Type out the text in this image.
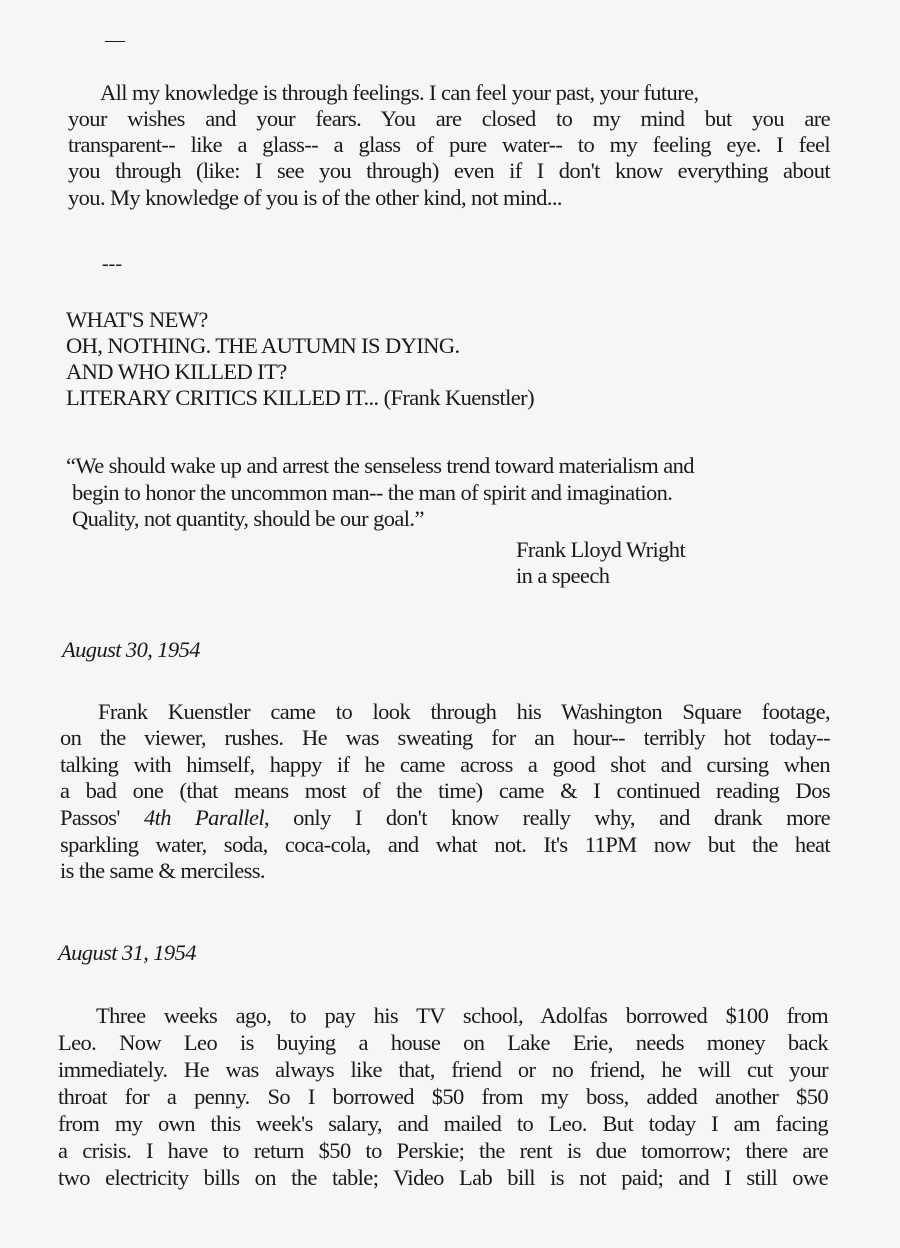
—
All my knowledge is through feelings. I can feel your past, your future,
your wishes and your fears. You are closed to my mind but you are
transparent-- like a glass-- a glass of pure water-- to my feeling eye. I feel
you through (like: I see you through) even if I don't know everything about
you. My knowledge of you is of the other kind, not mind...
---
WHAT'S NEW?
OH, NOTHING. THE AUTUMN IS DYING.
AND WHO KILLED IT?
LITERARY CRITICS KILLED IT... (Frank Kuenstler)
“We should wake up and arrest the senseless trend toward materialism and
begin to honor the uncommon man-- the man of spirit and imagination.
Quality, not quantity, should be our goal.”
Frank Lloyd Wright
in a speech
August 30, 1954
Frank Kuenstler came to look through his Washington Square footage,
on the viewer, rushes. He was sweating for an hour-- terribly hot today--
talking with himself, happy if he came across a good shot and cursing when
a bad one (that means most of the time) came & I continued reading Dos
Passos' 4th Parallel, only I don't know really why, and drank more
sparkling water, soda, coca-cola, and what not. It's 11PM now but the heat
is the same & merciless.
August 31, 1954
Three weeks ago, to pay his TV school, Adolfas borrowed $100 from
Leo. Now Leo is buying a house on Lake Erie, needs money back
immediately. He was always like that, friend or no friend, he will cut your
throat for a penny. So I borrowed $50 from my boss, added another $50
from my own this week's salary, and mailed to Leo. But today I am facing
a crisis. I have to return $50 to Perskie; the rent is due tomorrow; there are
two electricity bills on the table; Video Lab bill is not paid; and I still owe
